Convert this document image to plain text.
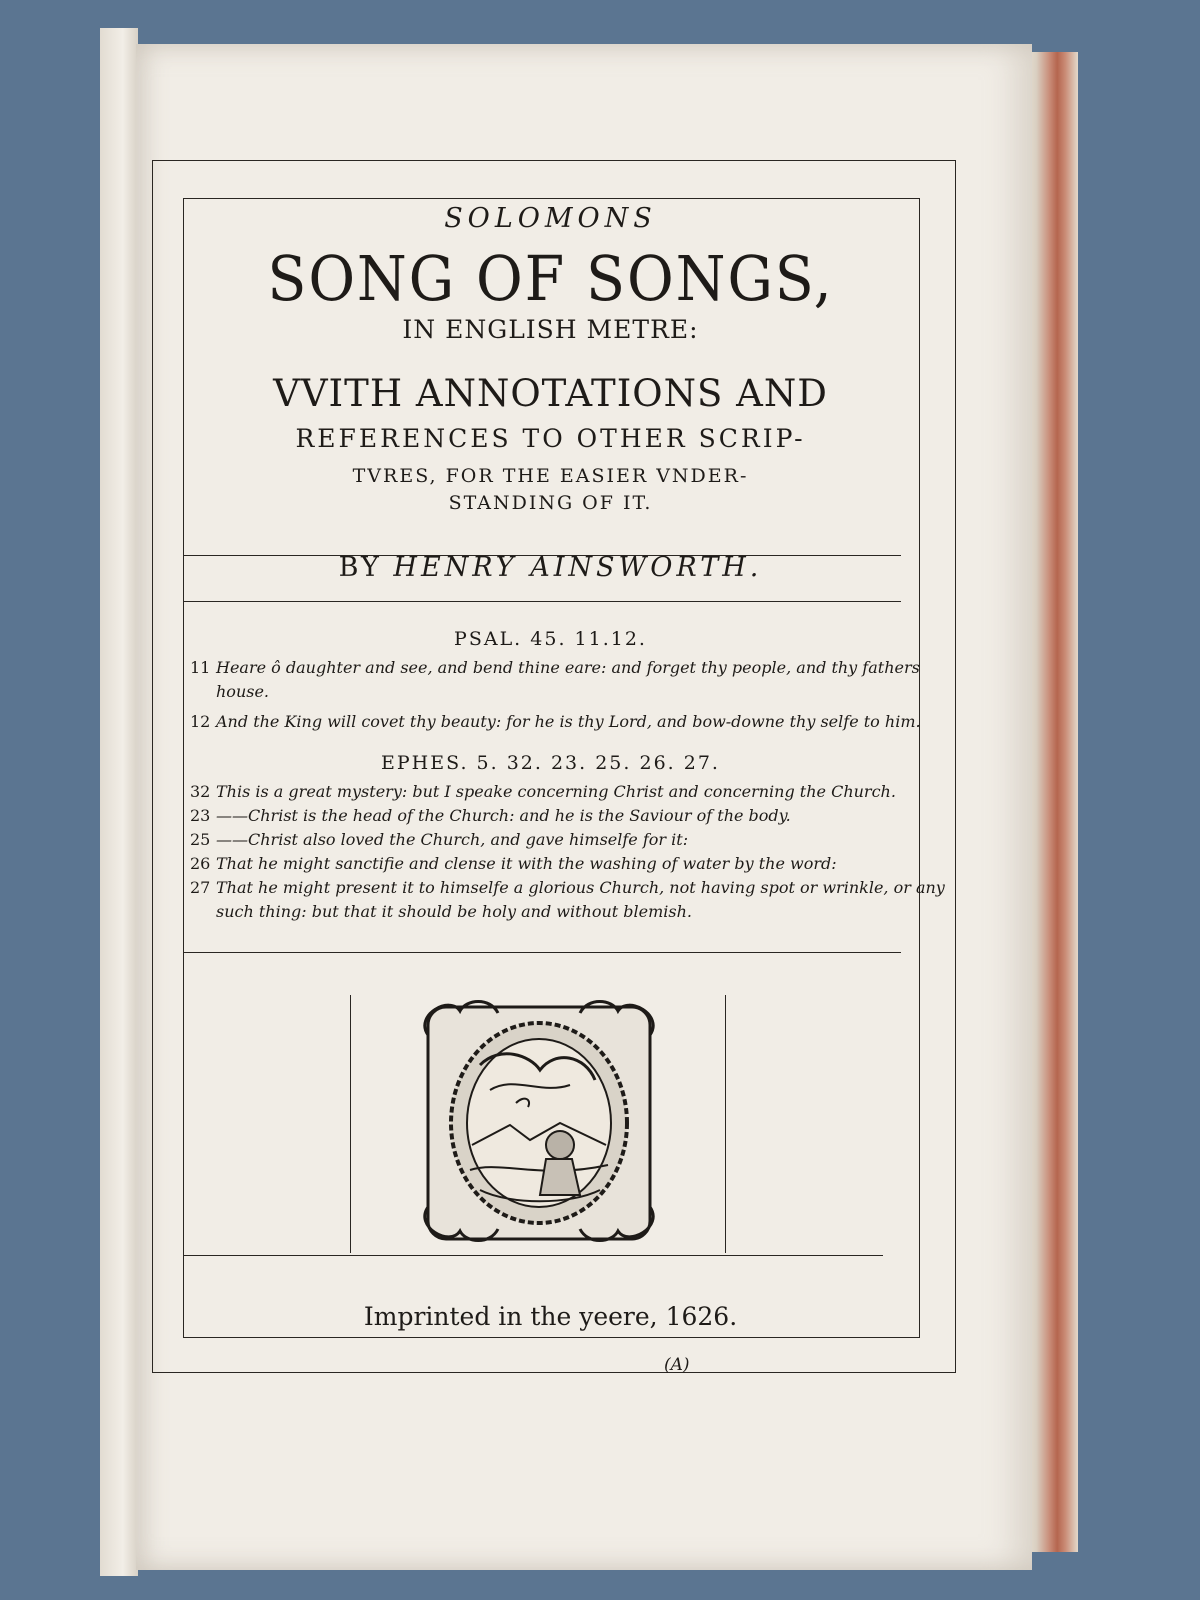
SOLOMONS
SONG OF SONGS,
IN ENGLISH METRE:
VVITH ANNOTATIONS AND
REFERENCES TO OTHER SCRIP-
TVRES, FOR THE EASIER VNDER-
STANDING OF IT.
BY HENRY AINSWORTH.
PSAL. 45. 11.12.
11 Heare ô daughter and see, and bend thine eare: and forget thy people, and thy fathers
house.
12 And the King will covet thy beauty: for he is thy Lord, and bow-downe thy selfe to him.
EPHES. 5. 32. 23. 25. 26. 27.
32 This is a great mystery: but I speake concerning Christ and concerning the Church.
23 ——Christ is the head of the Church: and he is the Saviour of the body.
25 ——Christ also loved the Church, and gave himselfe for it:
26 That he might sanctifie and clense it with the washing of water by the word:
27 That he might present it to himselfe a glorious Church, not having spot or wrinkle, or any
such thing: but that it should be holy and without blemish.
Imprinted in the yeere, 1626.
(A)
